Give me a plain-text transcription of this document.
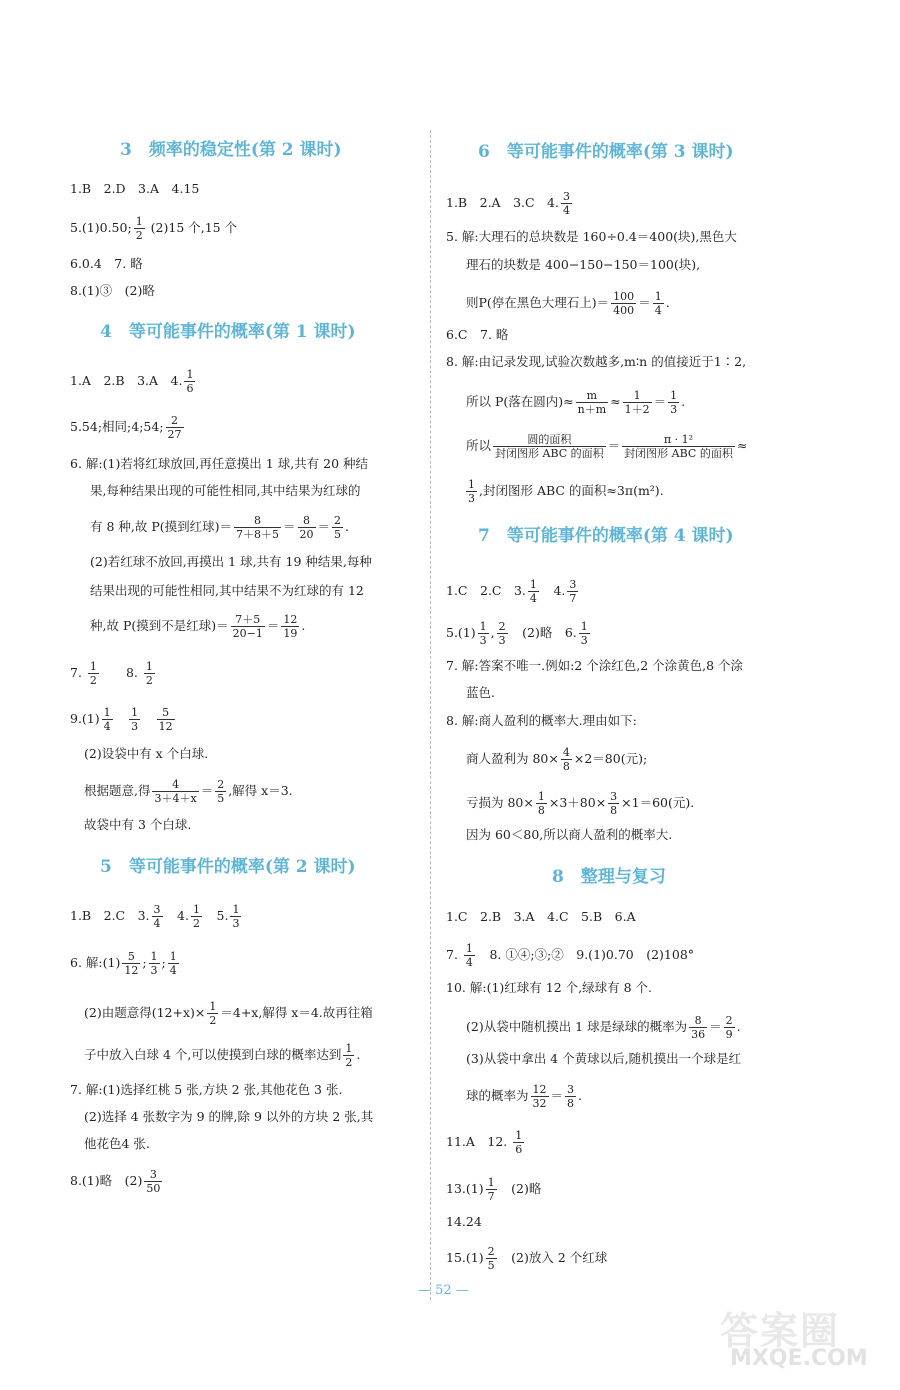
3　频率的稳定性(第 2 课时)
1.B　2.D　3.A　4.15
5.(1)0.50; $\frac{1}{2} (2)15$ 个,15 个
6.0.4　7. 略
8.(1)③　(2)略
4　等可能事件的概率(第 1 课时)
1.A　2.B　3.A　4. $\frac{1}{6}$
5.54;相同;4;54; $\frac{2}{27}$
6. 解:(1)若将红球放回,再任意摸出 1 球,共有 20 种结
果,每种结果出现的可能性相同,其中结果为红球的
有 8 种,故 P(摸到红球)＝ $\frac{8}{7+8+5} = \frac{8}{20} = \frac{2}{5}$ .
(2)若红球不放回,再摸出 1 球,共有 19 种结果,每种
结果出现的可能性相同,其中结果不为红球的有 12
种,故 P(摸到不是红球)＝ $\frac{7+5}{20-1} = \frac{12}{19}$ .
7. $\frac{1}{2}$
　　 8. $\frac{1}{2}$
$9.(1) \frac{1}{4}$
　 $\frac{1}{3}$
　 $\frac{5}{12}$
(2)设袋中有 x 个白球.
根据题意,得 $\frac{4}{3+4+x} = \frac{2}{5}$ ,解得 x＝3.
故袋中有 3 个白球.
5　等可能事件的概率(第 2 课时)
1.B　2.C　3. $\frac{3}{4}$
　 4. $\frac{1}{2}$
　 5. $\frac{1}{3}$
6. 解:(1) $\frac{5}{12}$ ; $\frac{1}{3}$ ; $\frac{1}{4}$
(2)由题意得$(12+x)\times \frac{1}{2} =4+x$,解得 x＝4.故再往箱
子中放入白球 4 个,可以使摸到白球的概率达到 $\frac{1}{2}$ .
7. 解:(1)选择红桃 5 张,方块 2 张,其他花色 3 张.
(2)选择 4 张数字为 9 的牌,除 9 以外的方块 2 张,其
他花色4 张.
8.(1)略　$(2) \frac{3}{50}$
6　等可能事件的概率(第 3 课时)
1.B　2.A　3.C　4. $\frac{3}{4}$
5. 解:大理石的总块数是 160÷0.4＝400(块),黑色大
理石的块数是 400−150−150＝100(块),
则P(停在黑色大理石上)＝ $\frac{100}{400} = \frac{1}{4}$ .
6.C　7. 略
8. 解:由记录发现,试验次数越多,m∶n 的值接近于1∶2,
所以 P(落在圆内)≈ $\frac{m}{n+m} \approx \frac{1}{1+2} = \frac{1}{3}$ .
所以 $\frac{\text{圆的面积}}{\text{封闭图形 ABC 的面积}} = \frac{\text{π · 1²}}{\text{封闭图形 ABC 的面积}}$ ≈
$\frac{1}{3}$ ,封闭图形 ABC 的面积≈3π(m²).
7　等可能事件的概率(第 4 课时)
1.C　2.C　3. $\frac{1}{4}$
　 4. $\frac{3}{7}$
$5.(1) \frac{1}{3}$ , $\frac{2}{3}$
　 (2)略　6. $\frac{1}{3}$
7. 解:答案不唯一.例如:2 个涂红色,2 个涂黄色,8 个涂
蓝色.
8. 解:商人盈利的概率大.理由如下:
商人盈利为 $80\times \frac{4}{8} \times 2=80$(元);
亏损为 $80\times \frac{1}{8} \times 3+80\times \frac{3}{8} \times 1=60$(元).
因为 60＜80,所以商人盈利的概率大.
8　整理与复习
1.C　2.B　3.A　4.C　5.B　6.A
7. $\frac{1}{4}$
　 8. ①④;③;②　9.(1)0.70　(2)108°
10. 解:(1)红球有 12 个,绿球有 8 个.
(2)从袋中随机摸出 1 球是绿球的概率为 $\frac{8}{36} = \frac{2}{9}$ .
(3)从袋中拿出 4 个黄球以后,随机摸出一个球是红
球的概率为 $\frac{12}{32} = \frac{3}{8}$ .
11.A　12. $\frac{1}{6}$
$13.(1) \frac{1}{7}$
　 (2)略
14.24
$15.(1) \frac{2}{5}$
　 (2)放入 2 个红球
— 52 —
答案圈
MXQE.COM
